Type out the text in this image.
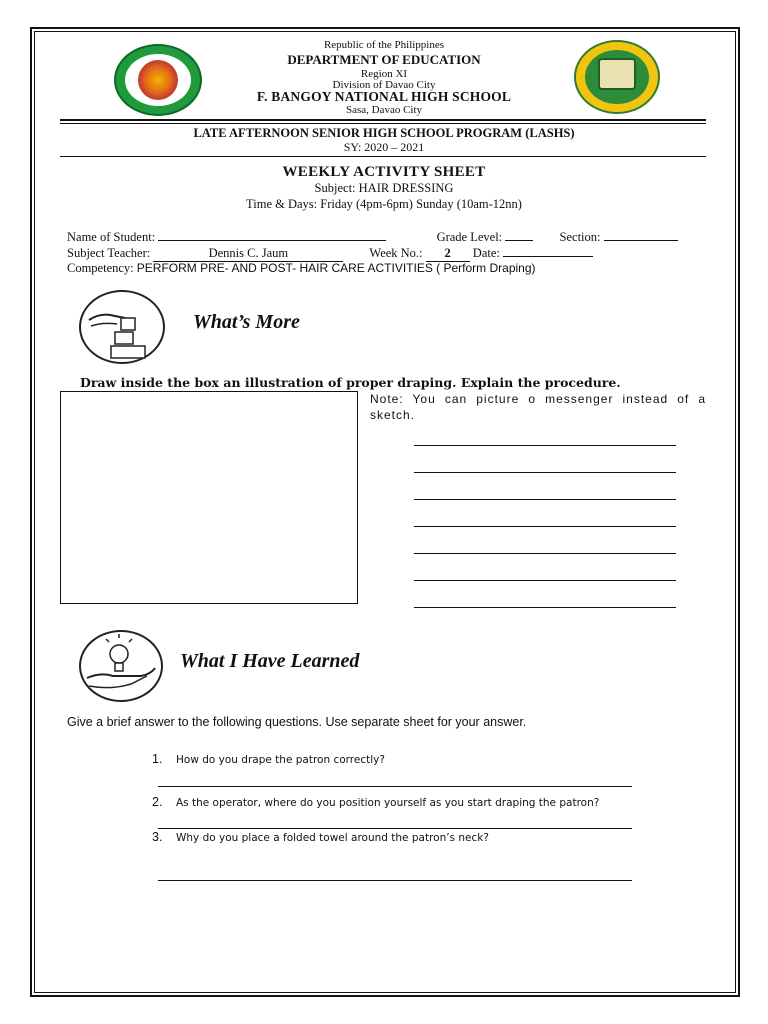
Republic of the Philippines
DEPARTMENT OF EDUCATION
Region XI
Division of Davao City
F. BANGOY NATIONAL HIGH SCHOOL
Sasa, Davao City
LATE AFTERNOON SENIOR HIGH SCHOOL PROGRAM (LASHS)
SY: 2020 – 2021
WEEKLY ACTIVITY SHEET
Subject: HAIR DRESSING
Time & Days: Friday (4pm-6pm) Sunday (10am-12nn)
Name of Student:	Grade Level:	Section:
Subject Teacher:	Dennis C. Jaum	Week No.: 2 Date:
Competency: PERFORM PRE- AND POST- HAIR CARE ACTIVITIES ( Perform Draping)
What’s More
Draw inside the box an illustration of proper draping. Explain the procedure.
Note: You can picture o messenger instead of a sketch.
What I Have Learned
Give a brief answer to the following questions. Use separate sheet for your answer.
1. How do you drape the patron correctly?
2. As the operator, where do you position yourself as you start draping the patron?
3. Why do you place a folded towel around the patron’s neck?
